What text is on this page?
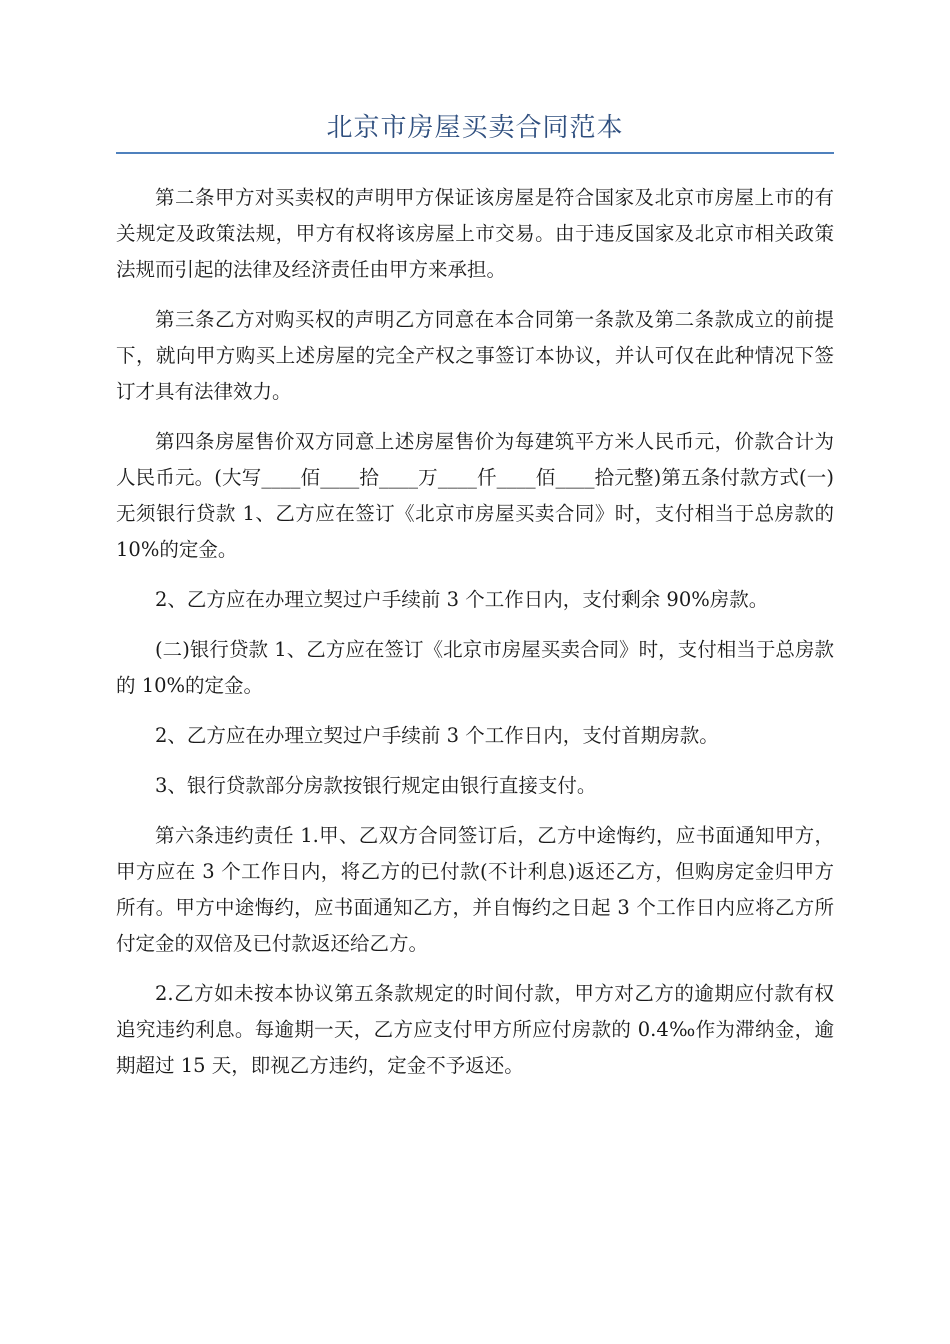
北京市房屋买卖合同范本

第二条甲方对买卖权的声明甲方保证该房屋是符合国家及北京市房屋上市的有关规定及政策法规，甲方有权将该房屋上市交易。由于违反国家及北京市相关政策法规而引起的法律及经济责任由甲方来承担。

第三条乙方对购买权的声明乙方同意在本合同第一条款及第二条款成立的前提下，就向甲方购买上述房屋的完全产权之事签订本协议，并认可仅在此种情况下签订才具有法律效力。

第四条房屋售价双方同意上述房屋售价为每建筑平方米人民币元，价款合计为人民币元。(大写____佰____拾____万____仟____佰____拾元整)第五条付款方式(一)无须银行贷款 1、乙方应在签订《北京市房屋买卖合同》时，支付相当于总房款的 10%的定金。

2、乙方应在办理立契过户手续前 3 个工作日内，支付剩余 90%房款。

(二)银行贷款 1、乙方应在签订《北京市房屋买卖合同》时，支付相当于总房款的 10%的定金。

2、乙方应在办理立契过户手续前 3 个工作日内，支付首期房款。

3、银行贷款部分房款按银行规定由银行直接支付。

第六条违约责任 1.甲、乙双方合同签订后，乙方中途悔约，应书面通知甲方，甲方应在 3 个工作日内，将乙方的已付款(不计利息)返还乙方，但购房定金归甲方所有。甲方中途悔约，应书面通知乙方，并自悔约之日起 3 个工作日内应将乙方所付定金的双倍及已付款返还给乙方。

2.乙方如未按本协议第五条款规定的时间付款，甲方对乙方的逾期应付款有权追究违约利息。每逾期一天，乙方应支付甲方所应付房款的 0.4‰作为滞纳金，逾期超过 15 天，即视乙方违约，定金不予返还。
